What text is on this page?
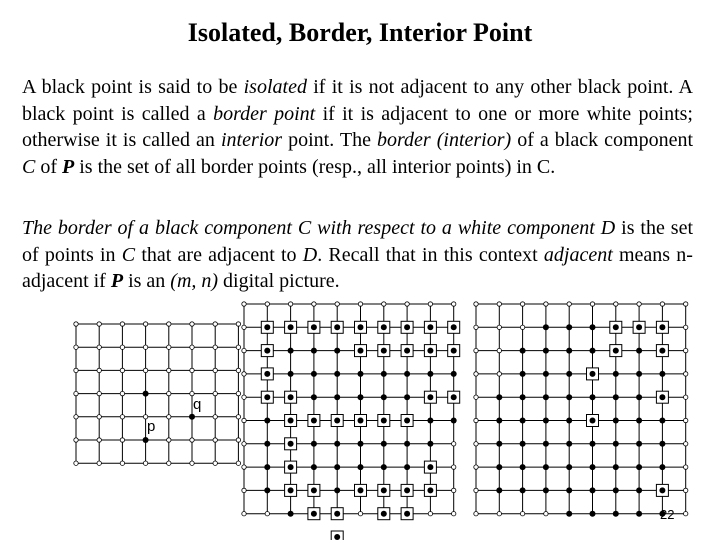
Isolated, Border, Interior Point
A black point is said to be isolated if it is not adjacent to any other black point. A black point is called a border point if it is adjacent to one or more white points; otherwise it is called an interior point. The border (interior) of a black component C of P is the set of all border points (resp., all interior points) in C.
The border of a black component C with respect to a white component D is the set of points in C that are adjacent to D. Recall that in this context adjacent means n-adjacent if P is an (m, n) digital picture.
p
q
22
